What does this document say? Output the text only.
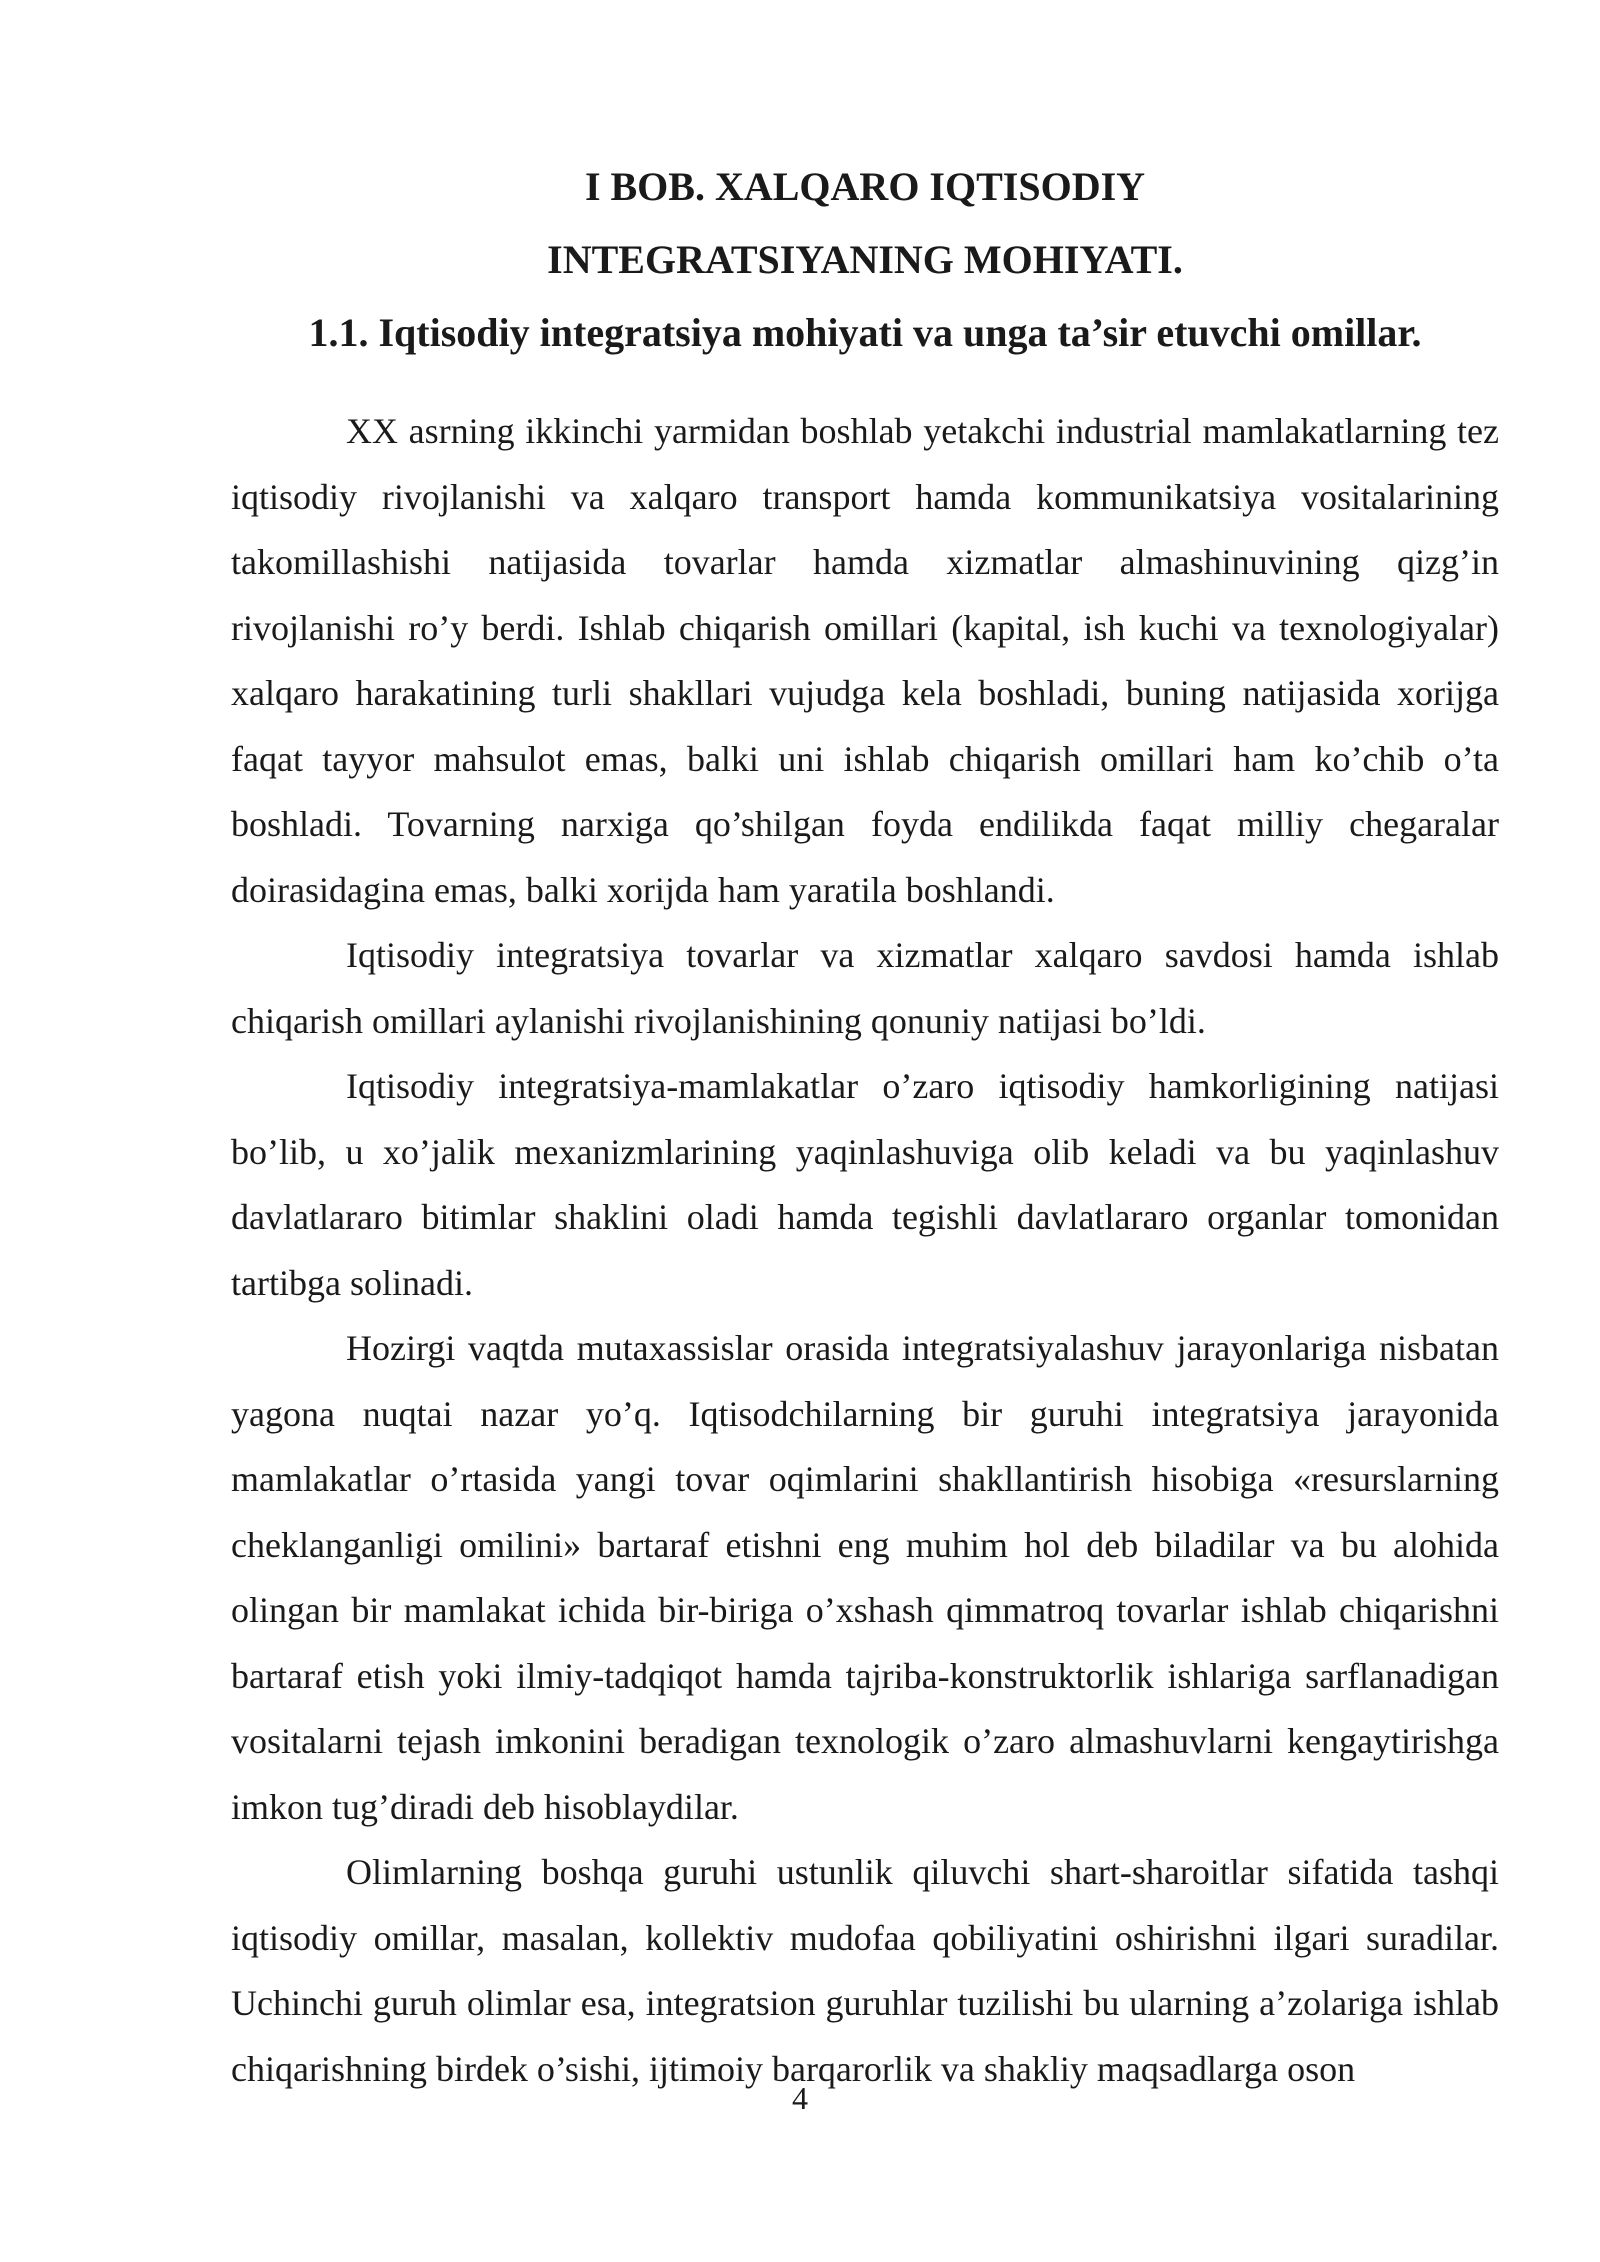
I BOB. XALQARO IQTISODIY
INTEGRATSIYANING MOHIYATI.
1.1. Iqtisodiy integratsiya mohiyati va unga ta’sir etuvchi omillar.

XX asrning ikkinchi yarmidan boshlab yetakchi industrial mamlakatlarning tez iqtisodiy rivojlanishi va xalqaro transport hamda kommunikatsiya vositalarining takomillashishi natijasida tovarlar hamda xizmatlar almashinuvining qizg’in rivojlanishi ro’y berdi. Ishlab chiqarish omillari (kapital, ish kuchi va texnologiyalar) xalqaro harakatining turli shakllari vujudga kela boshladi, buning natijasida xorijga faqat tayyor mahsulot emas, balki uni ishlab chiqarish omillari ham ko’chib o’ta boshladi. Tovarning narxiga qo’shilgan foyda endilikda faqat milliy chegaralar doirasidagina emas, balki xorijda ham yaratila boshlandi.

Iqtisodiy integratsiya tovarlar va xizmatlar xalqaro savdosi hamda ishlab chiqarish omillari aylanishi rivojlanishining qonuniy natijasi bo’ldi.

Iqtisodiy integratsiya-mamlakatlar o’zaro iqtisodiy hamkorligining natijasi bo’lib, u xo’jalik mexanizmlarining yaqinlashuviga olib keladi va bu yaqinlashuv davlatlararo bitimlar shaklini oladi hamda tegishli davlatlararo organlar tomonidan tartibga solinadi.

Hozirgi vaqtda mutaxassislar orasida integratsiyalashuv jarayonlariga nisbatan yagona nuqtai nazar yo’q. Iqtisodchilarning bir guruhi integratsiya jarayonida mamlakatlar o’rtasida yangi tovar oqimlarini shakllantirish hisobiga «resurslarning cheklanganligi omilini» bartaraf etishni eng muhim hol deb biladilar va bu alohida olingan bir mamlakat ichida bir-biriga o’xshash qimmatroq tovarlar ishlab chiqarishni bartaraf etish yoki ilmiy-tadqiqot hamda tajriba-konstruktorlik ishlariga sarflanadigan vositalarni tejash imkonini beradigan texnologik o’zaro almashuvlarni kengaytirishga imkon tug’diradi deb hisoblaydilar.

Olimlarning boshqa guruhi ustunlik qiluvchi shart-sharoitlar sifatida tashqi iqtisodiy omillar, masalan, kollektiv mudofaa qobiliyatini oshirishni ilgari suradilar. Uchinchi guruh olimlar esa, integratsion guruhlar tuzilishi bu ularning a’zolariga ishlab chiqarishning birdek o’sishi, ijtimoiy barqarorlik va shakliy maqsadlarga oson

4
